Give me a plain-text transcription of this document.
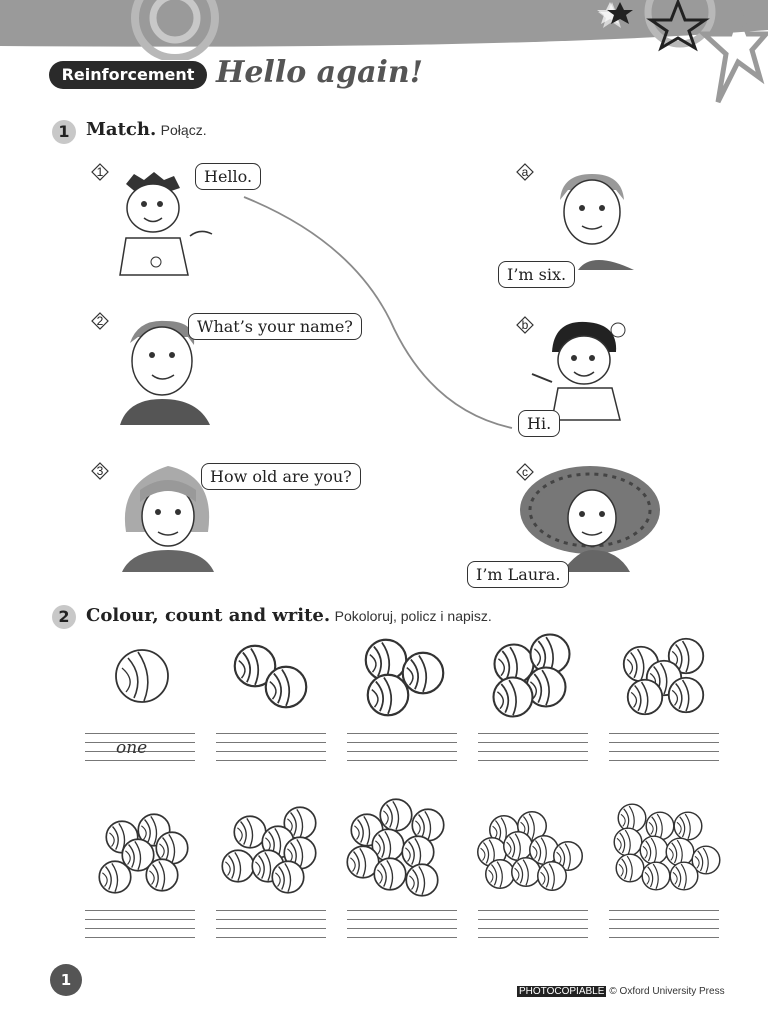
Reinforcement Hello again!
1 Match. Połącz.
1	Hello.
2	What’s your name?
3	How old are you?
a
I’m six.
b
Hi.
c
I’m Laura.
2 Colour, count and write. Pokoloruj, policz i napisz.
one
1
PHOTOCOPIABLE © Oxford University Press
